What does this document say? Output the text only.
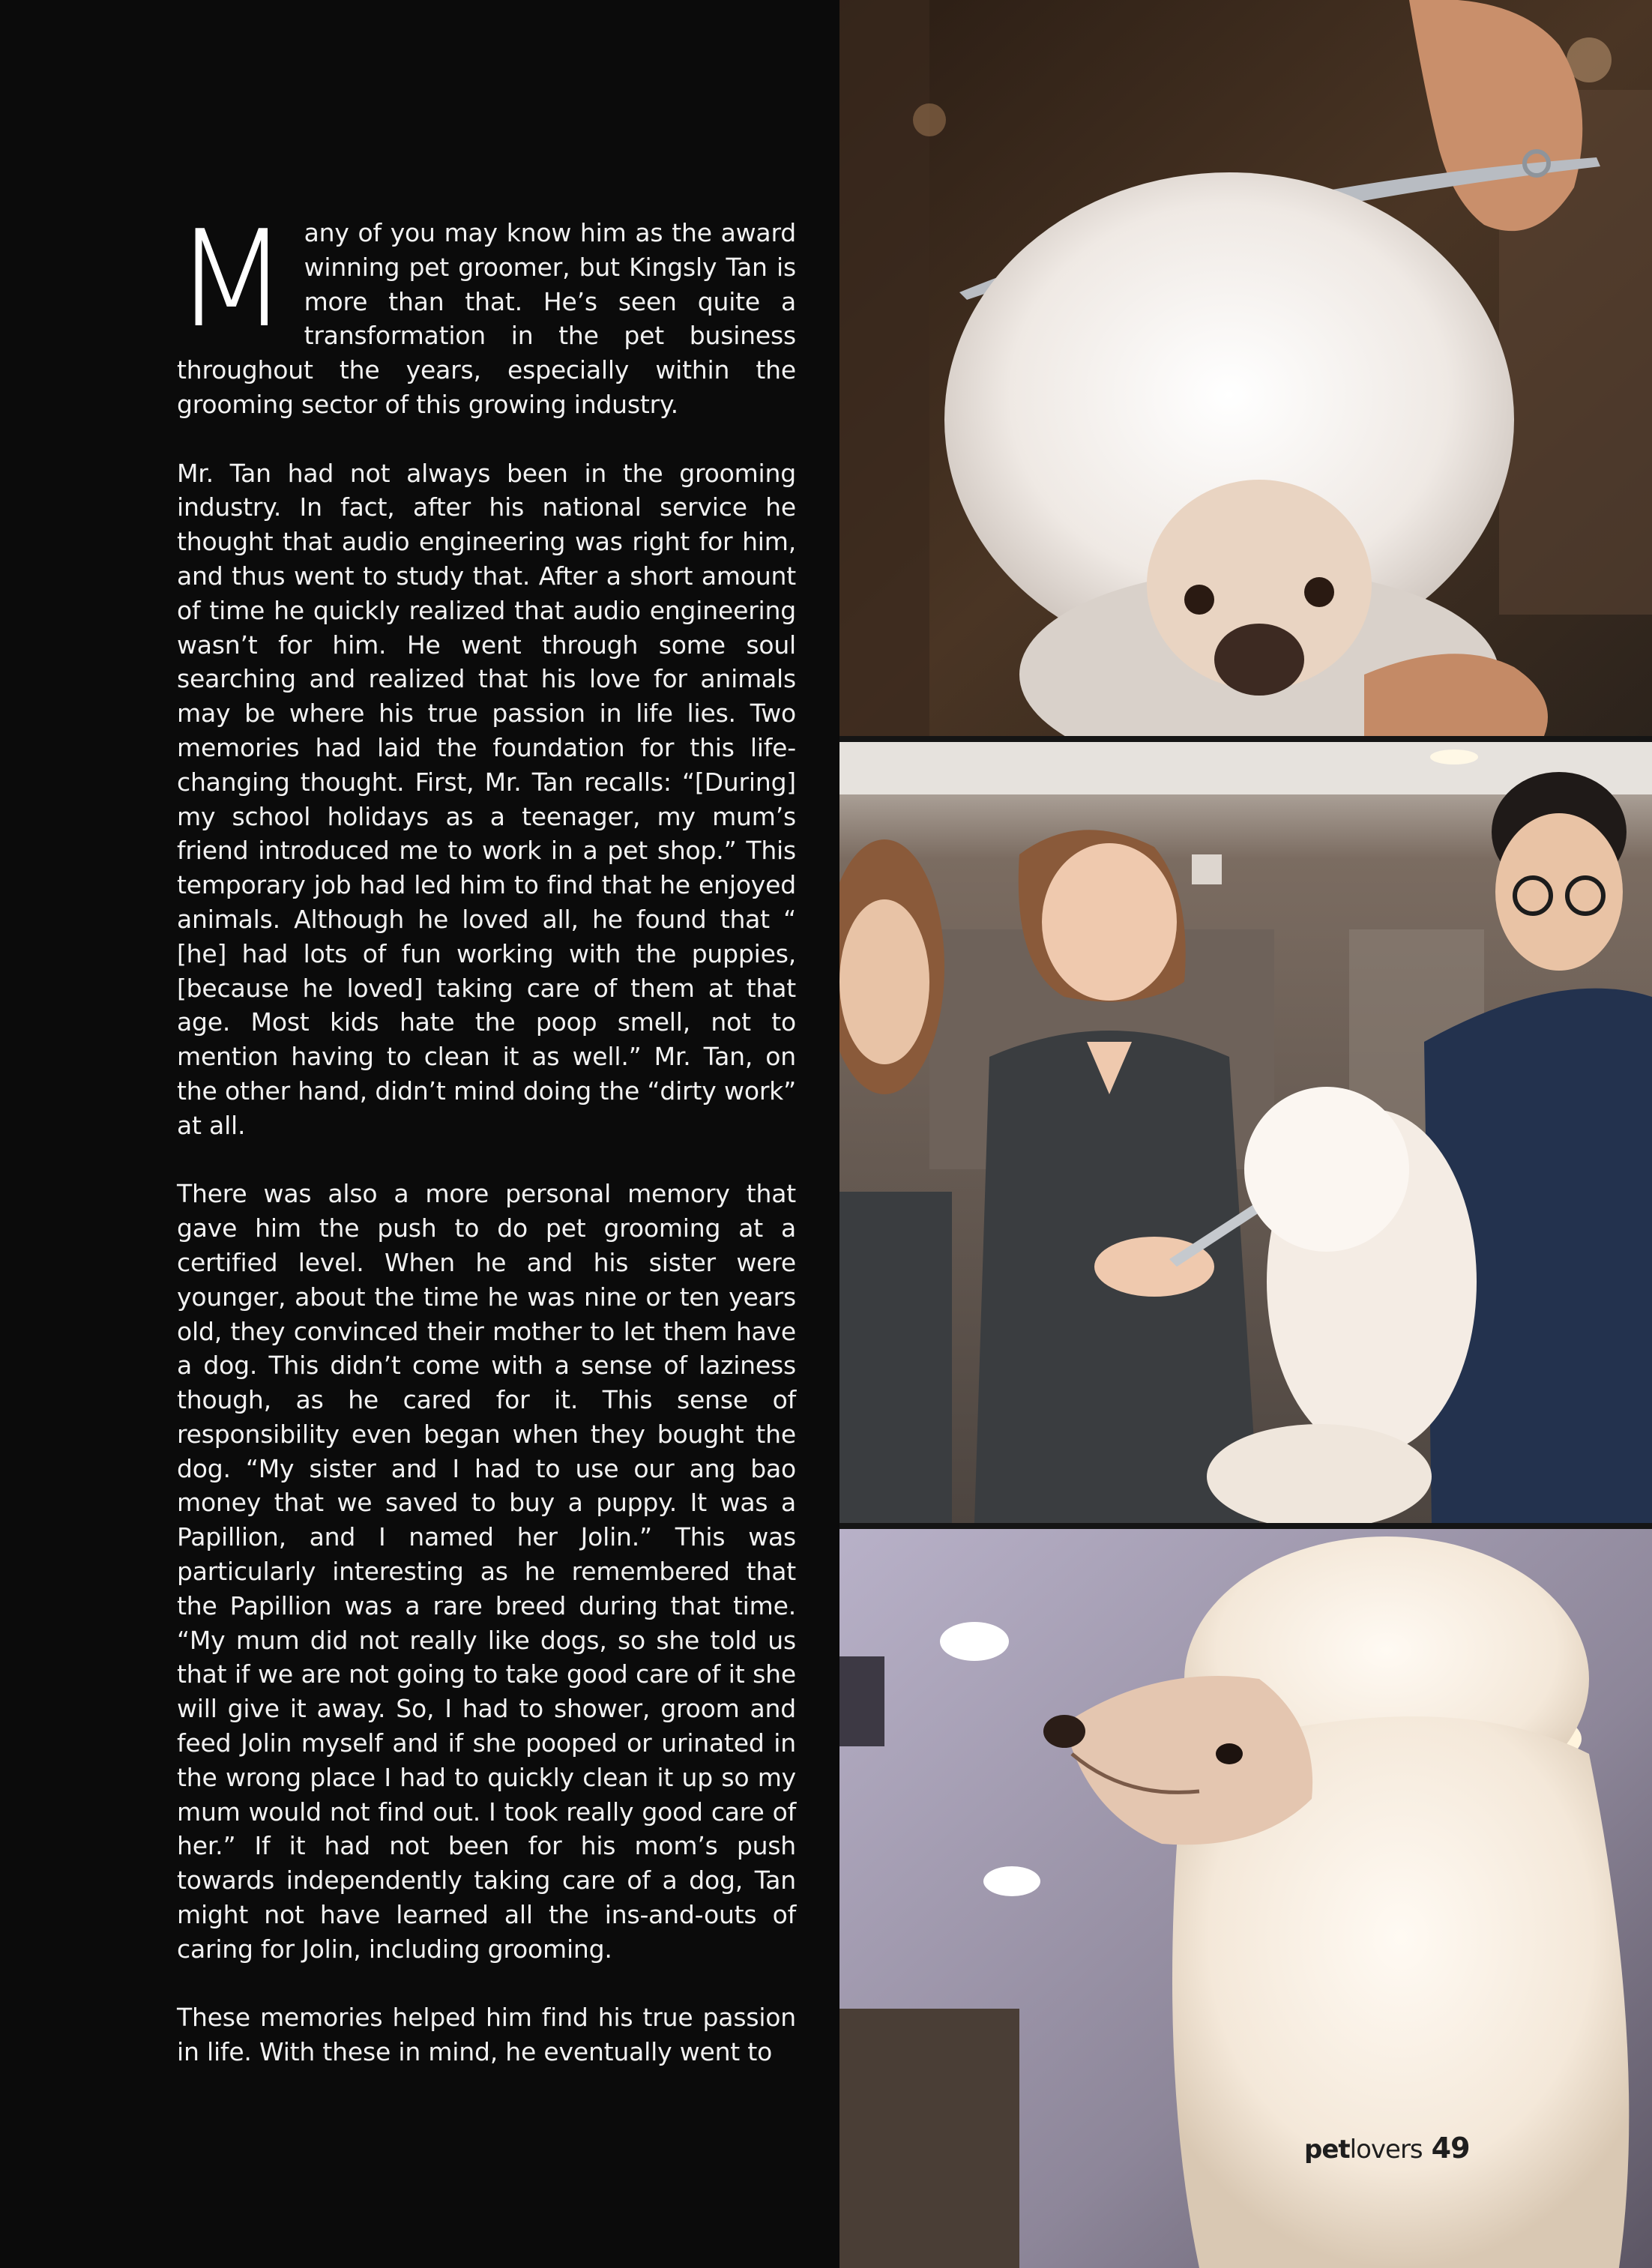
Many of you may know him as the award winning pet groomer, but Kingsly Tan is more than that. He’s seen quite a transformation in the pet business throughout the years, especially within the grooming sector of this growing industry.

Mr. Tan had not always been in the grooming industry. In fact, after his national service he thought that audio engineering was right for him, and thus went to study that. After a short amount of time he quickly realized that audio engineering wasn’t for him. He went through some soul searching and realized that his love for animals may be where his true passion in life lies. Two memories had laid the foundation for this life-changing thought. First, Mr. Tan recalls: “[During] my school holidays as a teenager, my mum’s friend introduced me to work in a pet shop.” This temporary job had led him to find that he enjoyed animals. Although he loved all, he found that “ [he] had lots of fun working with the puppies, [because he loved] taking care of them at that age. Most kids hate the poop smell, not to mention having to clean it as well.” Mr. Tan, on the other hand, didn’t mind doing the “dirty work” at all.

There was also a more personal memory that gave him the push to do pet grooming at a certified level. When he and his sister were younger, about the time he was nine or ten years old, they convinced their mother to let them have a dog. This didn’t come with a sense of laziness though, as he cared for it. This sense of responsibility even began when they bought the dog. “My sister and I had to use our ang bao money that we saved to buy a puppy. It was a Papillion, and I named her Jolin.” This was particularly interesting as he remembered that the Papillion was a rare breed during that time. “My mum did not really like dogs, so she told us that if we are not going to take good care of it she will give it away. So, I had to shower, groom and feed Jolin myself and if she pooped or urinated in the wrong place I had to quickly clean it up so my mum would not find out. I took really good care of her.” If it had not been for his mom’s push towards independently taking care of a dog, Tan might not have learned all the ins-and-outs of caring for Jolin, including grooming.

These memories helped him find his true passion in life. With these in mind, he eventually went to

petlovers 49
